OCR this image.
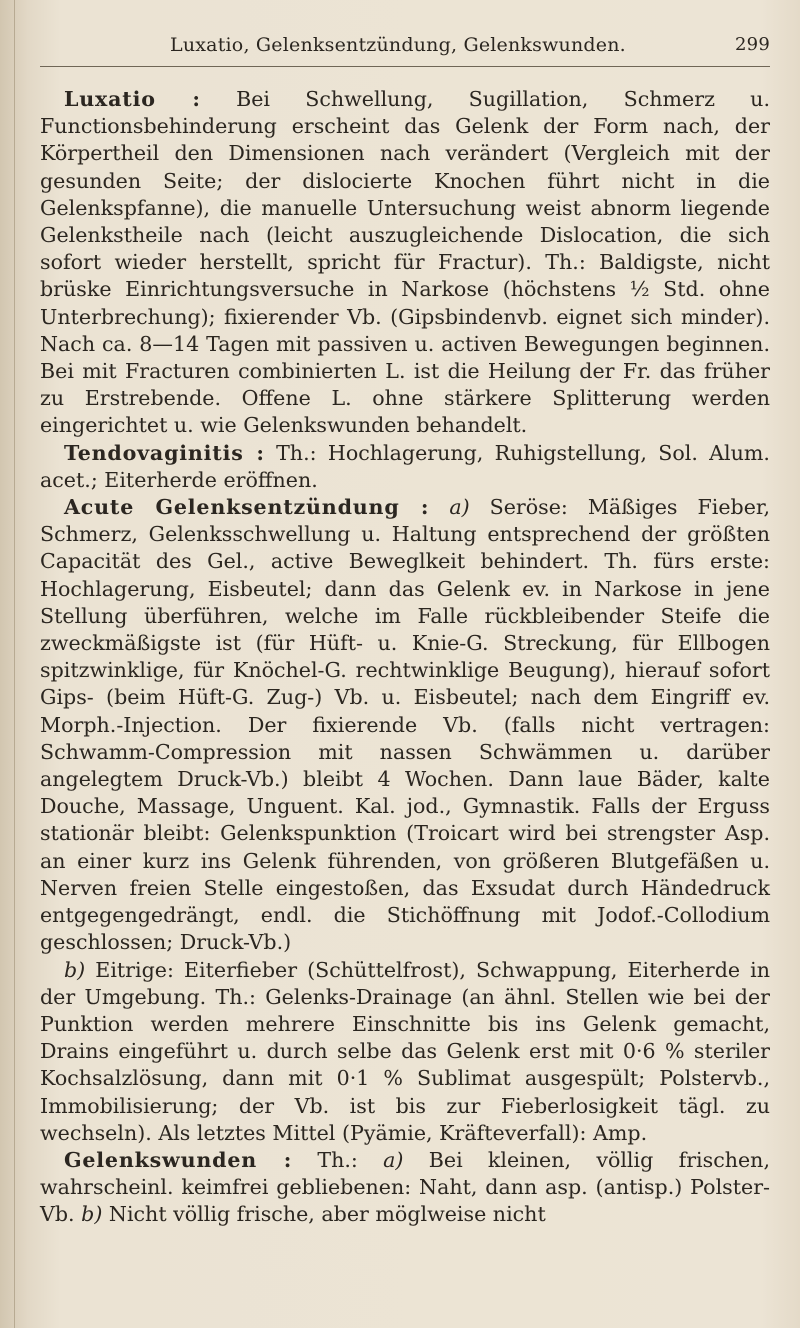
Luxatio, Gelenksentzündung, Gelenkswunden.	299

Luxatio : Bei Schwellung, Sugillation, Schmerz u. Functionsbehinderung erscheint das Gelenk der Form nach, der Körpertheil den Dimensionen nach verändert (Vergleich mit der gesunden Seite; der dislocierte Knochen führt nicht in die Gelenkspfanne), die manuelle Untersuchung weist abnorm liegende Gelenkstheile nach (leicht auszugleichende Dislocation, die sich sofort wieder herstellt, spricht für Fractur). Th.: Baldigste, nicht brüske Einrichtungsversuche in Narkose (höchstens ½ Std. ohne Unterbrechung); fixierender Vb. (Gipsbindenvb. eignet sich minder). Nach ca. 8—14 Tagen mit passiven u. activen Bewegungen beginnen. Bei mit Fracturen combinierten L. ist die Heilung der Fr. das früher zu Erstrebende. Offene L. ohne stärkere Splitterung werden eingerichtet u. wie Gelenkswunden behandelt.

Tendovaginitis : Th.: Hochlagerung, Ruhigstellung, Sol. Alum. acet.; Eiterherde eröffnen.

Acute Gelenksentzündung : a) Seröse: Mäßiges Fieber, Schmerz, Gelenksschwellung u. Haltung entsprechend der größten Capacität des Gel., active Beweglkeit behindert. Th. fürs erste: Hochlagerung, Eisbeutel; dann das Gelenk ev. in Narkose in jene Stellung überführen, welche im Falle rückbleibender Steife die zweckmäßigste ist (für Hüft- u. Knie-G. Streckung, für Ellbogen spitzwinklige, für Knöchel-G. rechtwinklige Beugung), hierauf sofort Gips- (beim Hüft-G. Zug-) Vb. u. Eisbeutel; nach dem Eingriff ev. Morph.-Injection. Der fixierende Vb. (falls nicht vertragen: Schwamm-Compression mit nassen Schwämmen u. darüber angelegtem Druck-Vb.) bleibt 4 Wochen. Dann laue Bäder, kalte Douche, Massage, Unguent. Kal. jod., Gymnastik. Falls der Erguss stationär bleibt: Gelenkspunktion (Troicart wird bei strengster Asp. an einer kurz ins Gelenk führenden, von größeren Blutgefäßen u. Nerven freien Stelle eingestoßen, das Exsudat durch Händedruck entgegengedrängt, endl. die Stichöffnung mit Jodof.-Collodium geschlossen; Druck-Vb.)

b) Eitrige: Eiterfieber (Schüttelfrost), Schwappung, Eiterherde in der Umgebung. Th.: Gelenks-Drainage (an ähnl. Stellen wie bei der Punktion werden mehrere Einschnitte bis ins Gelenk gemacht, Drains eingeführt u. durch selbe das Gelenk erst mit 0·6 % steriler Kochsalzlösung, dann mit 0·1 % Sublimat ausgespült; Polstervb., Immobilisierung; der Vb. ist bis zur Fieberlosigkeit tägl. zu wechseln). Als letztes Mittel (Pyämie, Kräfteverfall): Amp.

Gelenkswunden : Th.: a) Bei kleinen, völlig frischen, wahrscheinl. keimfrei gebliebenen: Naht, dann asp. (antisp.) Polster-Vb. b) Nicht völlig frische, aber möglweise nicht
